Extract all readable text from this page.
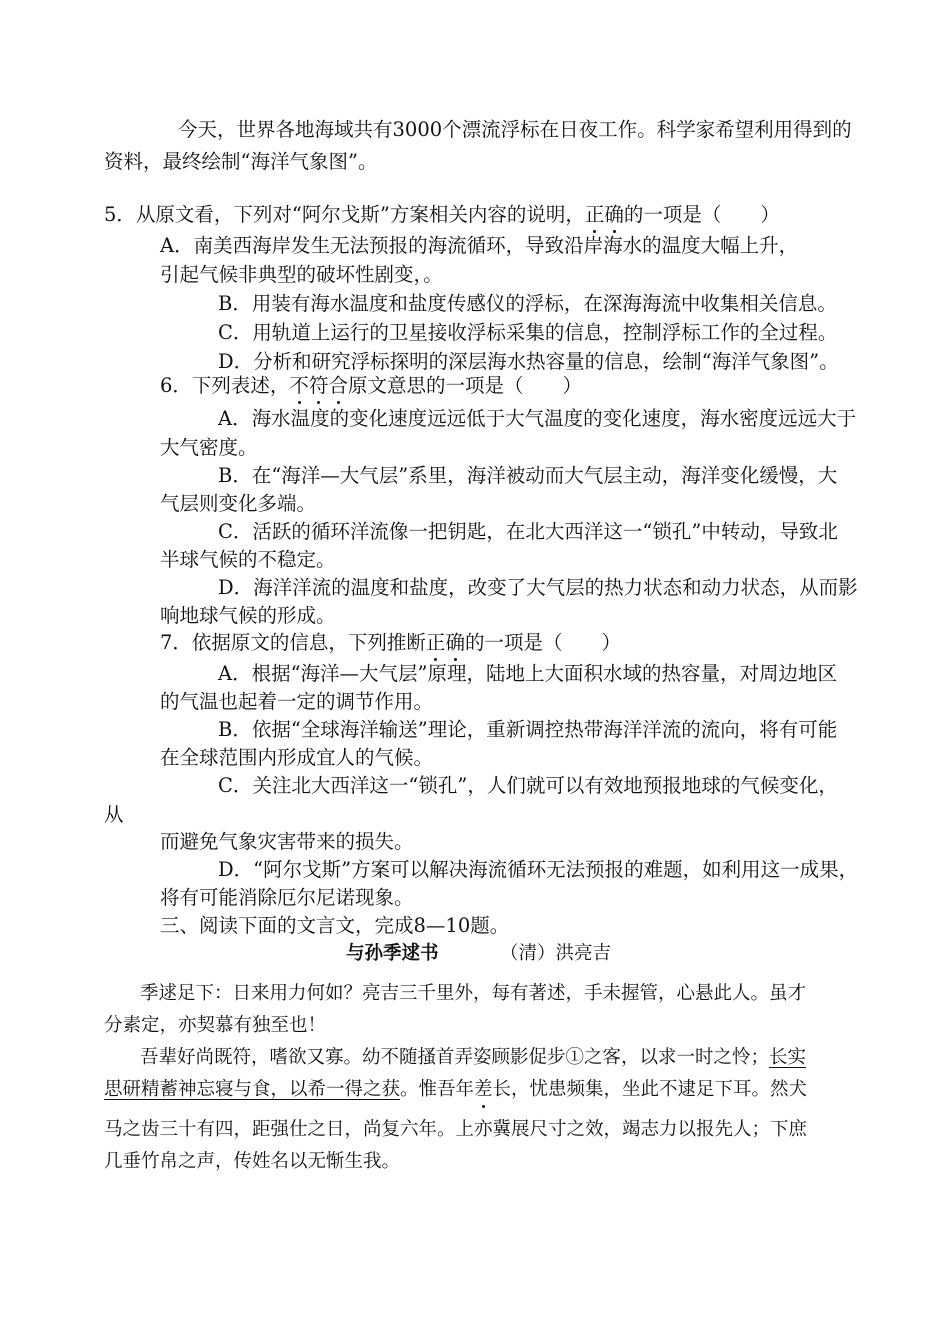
今天，世界各地海域共有3000个漂流浮标在日夜工作。科学家希望利用得到的
资料，最终绘制“海洋气象图”。
5．从原文看，下列对“阿尔戈斯”方案相关内容的说明，正确的一项是（　　）
A．南美西海岸发生无法预报的海流循环，导致沿岸海水的温度大幅上升，
引起气候非典型的破坏性剧变，。
B．用装有海水温度和盐度传感仪的浮标，在深海海流中收集相关信息。
C．用轨道上运行的卫星接收浮标采集的信息，控制浮标工作的全过程。
D．分析和研究浮标探明的深层海水热容量的信息，绘制“海洋气象图”。
6．下列表述，不符合原文意思的一项是（　　）
A．海水温度的变化速度远远低于大气温度的变化速度，海水密度远远大于
大气密度。
B．在“海洋—大气层”系里，海洋被动而大气层主动，海洋变化缓慢，大
气层则变化多端。
C．活跃的循环洋流像一把钥匙，在北大西洋这一“锁孔”中转动，导致北
半球气候的不稳定。
D．海洋洋流的温度和盐度，改变了大气层的热力状态和动力状态，从而影
响地球气候的形成。
7．依据原文的信息，下列推断正确的一项是（　　）
A．根据“海洋—大气层”原理，陆地上大面积水域的热容量，对周边地区
的气温也起着一定的调节作用。
B．依据“全球海洋输送”理论，重新调控热带海洋洋流的流向，将有可能
在全球范围内形成宜人的气候。
C．关注北大西洋这一“锁孔”，人们就可以有效地预报地球的气候变化，
从
而避免气象灾害带来的损失。
D．“阿尔戈斯”方案可以解决海流循环无法预报的难题，如利用这一成果，
将有可能消除厄尔尼诺现象。
三、阅读下面的文言文，完成8—10题。
与孙季逑书	（清）洪亮吉
季逑足下：日来用力何如？亮吉三千里外，每有著述，手未握管，心悬此人。虽才
分素定，亦契慕有独至也！
吾辈好尚既符，嗜欲又寡。幼不随搔首弄姿顾影促步①之客，以求一时之怜；长实
思研精蓄神忘寝与食，以希一得之获。惟吾年差长，忧患频集，坐此不逮足下耳。然犬
马之齿三十有四，距强仕之日，尚复六年。上亦冀展尺寸之效，竭志力以报先人；下庶
几垂竹帛之声，传姓名以无惭生我。
